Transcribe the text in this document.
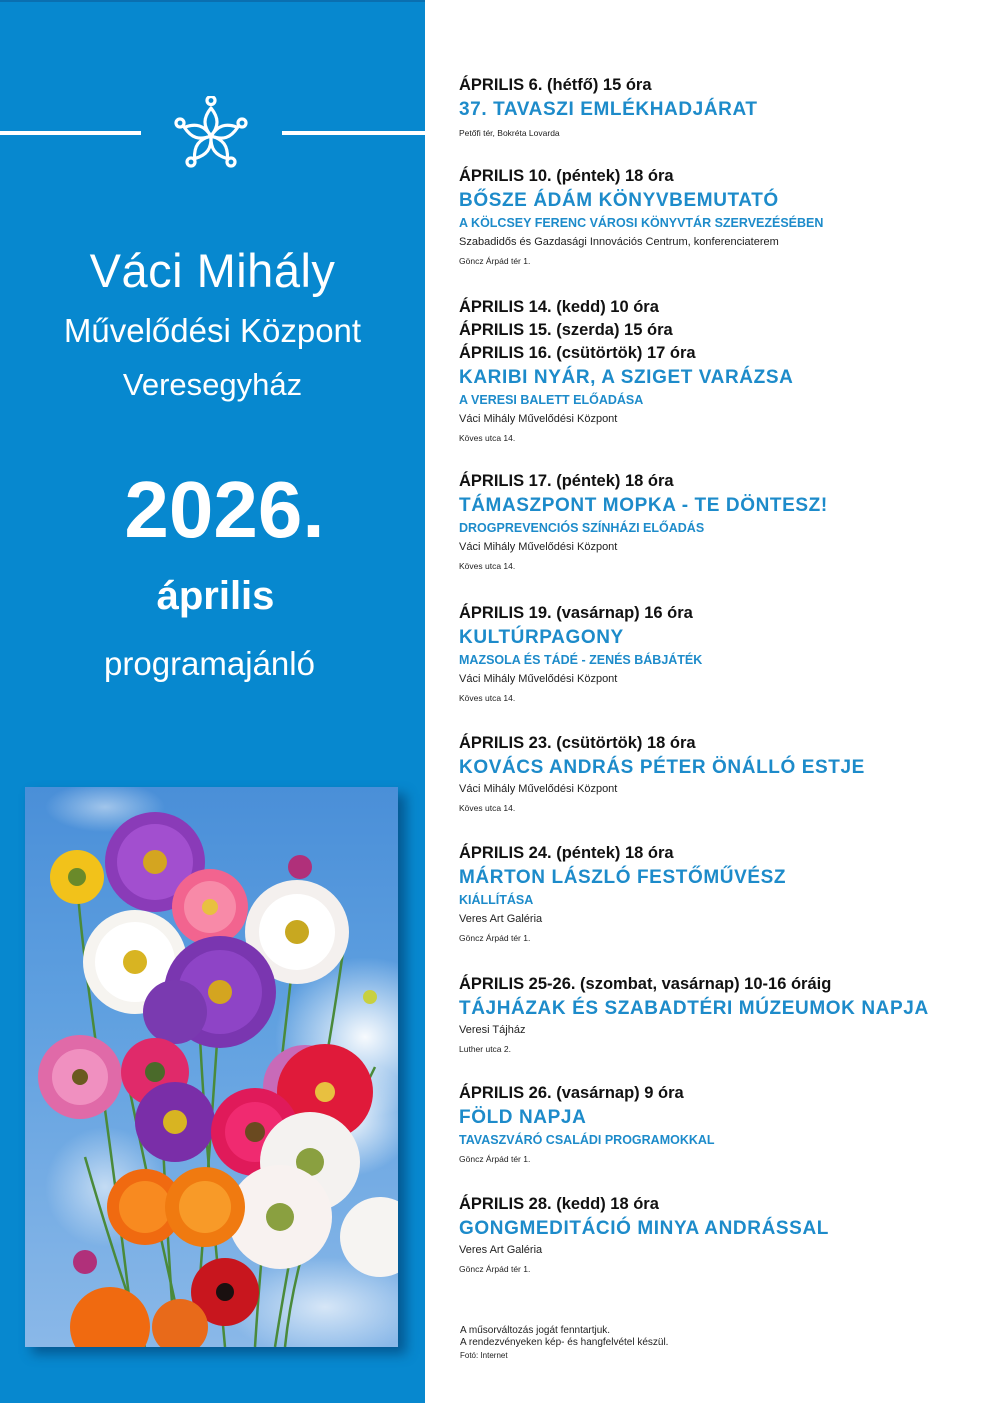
Váci Mihály
Művelődési Központ
Veresegyház
2026.
április
programajánló
ÁPRILIS 6. (hétfő) 15 óra
37. TAVASZI EMLÉKHADJÁRAT
Petőfi tér, Bokréta Lovarda
ÁPRILIS 10. (péntek) 18 óra
BŐSZE ÁDÁM KÖNYVBEMUTATÓ
A KÖLCSEY FERENC VÁROSI KÖNYVTÁR SZERVEZÉSÉBEN
Szabadidős és Gazdasági Innovációs Centrum, konferenciaterem
Göncz Árpád tér 1.
ÁPRILIS 14. (kedd) 10 óra
ÁPRILIS 15. (szerda) 15 óra
ÁPRILIS 16. (csütörtök) 17 óra
KARIBI NYÁR, A SZIGET VARÁZSA
A VERESI BALETT ELŐADÁSA
Váci Mihály Művelődési Központ
Köves utca 14.
ÁPRILIS 17. (péntek) 18 óra
TÁMASZPONT MOPKA - TE DÖNTESZ!
DROGPREVENCIÓS SZÍNHÁZI ELŐADÁS
Váci Mihály Művelődési Központ
Köves utca 14.
ÁPRILIS 19. (vasárnap) 16 óra
KULTÚRPAGONY
MAZSOLA ÉS TÁDÉ - ZENÉS BÁBJÁTÉK
Váci Mihály Művelődési Központ
Köves utca 14.
ÁPRILIS 23. (csütörtök) 18 óra
KOVÁCS ANDRÁS PÉTER ÖNÁLLÓ ESTJE
Váci Mihály Művelődési Központ
Köves utca 14.
ÁPRILIS 24. (péntek) 18 óra
MÁRTON LÁSZLÓ FESTŐMŰVÉSZ
KIÁLLÍTÁSA
Veres Art Galéria
Göncz Árpád tér 1.
ÁPRILIS 25-26. (szombat, vasárnap) 10-16 óráig
TÁJHÁZAK ÉS SZABADTÉRI MÚZEUMOK NAPJA
Veresi Tájház
Luther utca 2.
ÁPRILIS 26. (vasárnap) 9 óra
FÖLD NAPJA
TAVASZVÁRÓ CSALÁDI PROGRAMOKKAL
Göncz Árpád tér 1.
ÁPRILIS 28. (kedd) 18 óra
GONGMEDITÁCIÓ MINYA ANDRÁSSAL
Veres Art Galéria
Göncz Árpád tér 1.
A műsorváltozás jogát fenntartjuk.
A rendezvényeken kép- és hangfelvétel készül.
Fotó: Internet
